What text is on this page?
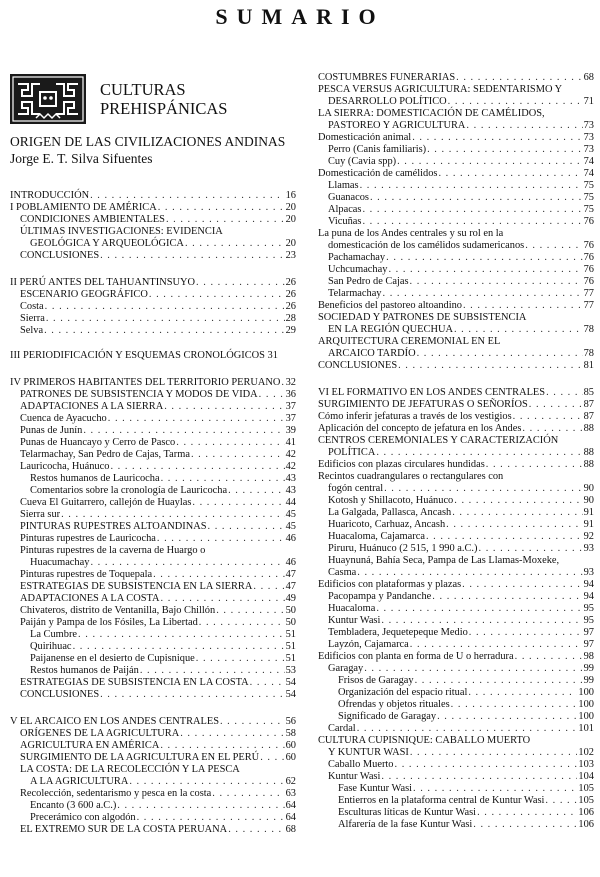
SUMARIO
CULTURAS
PREHISPÁNICAS
ORIGEN DE LAS CIVILIZACIONES ANDINAS
Jorge E. T. Silva Sifuentes
INTRODUCCIÓN . . .	16
I POBLAMIENTO DE AMÉRICA . . .	20
CONDICIONES AMBIENTALES . . .	20
ÚLTIMAS INVESTIGACIONES: EVIDENCIA
GEOLÓGICA Y ARQUEOLÓGICA . . .	20
CONCLUSIONES . . .	23
II PERÚ ANTES DEL TAHUANTINSUYO . . .	26
ESCENARIO GEOGRÁFICO . . .	26
Costa . . .	26
Sierra . . .	28
Selva . . .	29
III PERIODIFICACIÓN Y ESQUEMAS CRONOLÓGICOS 31
IV PRIMEROS HABITANTES DEL TERRITORIO PERUANO . . . 32
PATRONES DE SUBSISTENCIA Y MODOS DE VIDA . . .	36
ADAPTACIONES A LA SIERRA . . .	37
Cuenca de Ayacucho . . .	37
Punas de Junín . . .	39
Punas de Huancayo y Cerro de Pasco . . .	41
Telarmachay, San Pedro de Cajas, Tarma . . .	42
Lauricocha, Huánuco . . .	42
Restos humanos de Lauricocha . . .	43
Comentarios sobre la cronología de Lauricocha . . .	43
Cueva El Guitarrero, callejón de Huaylas . . .	44
Sierra sur . . .	45
PINTURAS RUPESTRES ALTOANDINAS . . .	45
Pinturas rupestres de Lauricocha . . .	46
Pinturas rupestres de la caverna de Huargo o
Huacumachay . . .	46
Pinturas rupestres de Toquepala . . .	47
ESTRATEGIAS DE SUBSISTENCIA EN LA SIERRA . . .	47
ADAPTACIONES A LA COSTA . . .	49
Chivateros, distrito de Ventanilla, Bajo Chillón . . .	50
Paiján y Pampa de los Fósiles, La Libertad . . .	50
La Cumbre . . .	51
Quirihuac . . .	51
Paijanense en el desierto de Cupisnique . . .	51
Restos humanos de Paiján . . .	53
ESTRATEGIAS DE SUBSISTENCIA EN LA COSTA . . .	54
CONCLUSIONES . . .	54
V EL ARCAICO EN LOS ANDES CENTRALES . . .	56
ORÍGENES DE LA AGRICULTURA . . .	58
AGRICULTURA EN AMÉRICA . . .	60
SURGIMIENTO DE LA AGRICULTURA EN EL PERÚ . . .	60
LA COSTA: DE LA RECOLECCIÓN Y LA PESCA
A LA AGRICULTURA . . .	62
Recolección, sedentarismo y pesca en la costa . . .	63
Encanto (3 600 a.C.) . . .	64
Precerámico con algodón . . .	64
EL EXTREMO SUR DE LA COSTA PERUANA . . .	68
COSTUMBRES FUNERARIAS . . .	68
PESCA VERSUS AGRICULTURA: SEDENTARISMO Y
DESARROLLO POLÍTICO . . .	71
LA SIERRA: DOMESTICACIÓN DE CAMÉLIDOS,
PASTOREO Y AGRICULTURA . . .	73
Domesticación animal . . .	73
Perro (Canis familiaris) . . .	73
Cuy (Cavia spp) . . .	74
Domesticación de camélidos . . .	74
Llamas . . .	75
Guanacos . . .	75
Alpacas . . .	75
Vicuñas . . .	76
La puna de los Andes centrales y su rol en la
domesticación de los camélidos sudamericanos . . .	76
Pachamachay . . .	76
Uchcumachay . . .	76
San Pedro de Cajas . . .	76
Telarmachay . . .	77
Beneficios del pastoreo altoandino . . .	77
SOCIEDAD Y PATRONES DE SUBSISTENCIA
EN LA REGIÓN QUECHUA . . .	78
ARQUITECTURA CEREMONIAL EN EL
ARCAICO TARDÍO . . .	78
CONCLUSIONES . . .	81
VI EL FORMATIVO EN LOS ANDES CENTRALES . . .	85
SURGIMIENTO DE JEFATURAS O SEÑORÍOS . . .	87
Cómo inferir jefaturas a través de los vestigios . . .	87
Aplicación del concepto de jefatura en los Andes . . .	88
CENTROS CEREMONIALES Y CARACTERIZACIÓN
POLÍTICA . . .	88
Edificios con plazas circulares hundidas . . .	88
Recintos cuadrangulares o rectangulares con
fogón central . . .	90
Kotosh y Shillacoto, Huánuco . . .	90
La Galgada, Pallasca, Ancash . . .	91
Huaricoto, Carhuaz, Ancash . . .	91
Huacaloma, Cajamarca . . .	92
Piruru, Huánuco (2 515, 1 990 a.C.) . . .	93
Huaynuná, Bahía Seca, Pampa de Las Llamas-Moxeke,
Casma . . .	93
Edificios con plataformas y plazas . . .	94
Pacopampa y Pandanche . . .	94
Huacaloma . . .	95
Kuntur Wasi . . .	95
Tembladera, Jequetepeque Medio . . .	97
Layzón, Cajamarca . . .	97
Edificios con planta en forma de U o herradura . . .	98
Garagay . . .	99
Frisos de Garagay . . .	99
Organización del espacio ritual . . .	100
Ofrendas y objetos rituales . . .	100
Significado de Garagay . . .	100
Cardal . . .	101
CULTURA CUPISNIQUE: CABALLO MUERTO
Y KUNTUR WASI . . .	102
Caballo Muerto . . .	103
Kuntur Wasi . . .	104
Fase Kuntur Wasi . . .	105
Entierros en la plataforma central de Kuntur Wasi . . .	105
Esculturas líticas de Kuntur Wasi . . .	106
Alfarería de la fase Kuntur Wasi . . .	106
